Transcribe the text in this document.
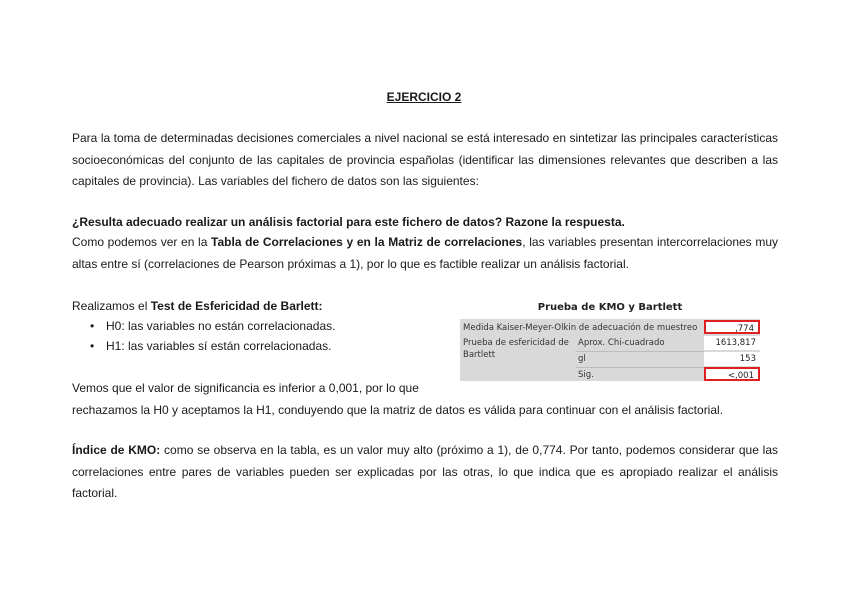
EJERCICIO 2
Para la toma de determinadas decisiones comerciales a nivel nacional se está interesado en sintetizar las principales características socioeconómicas del conjunto de las capitales de provincia españolas (identificar las dimensiones relevantes que describen a las capitales de provincia). Las variables del fichero de datos son las siguientes:
¿Resulta adecuado realizar un análisis factorial para este fichero de datos? Razone la respuesta.
Como podemos ver en la Tabla de Correlaciones y en la Matriz de correlaciones, las variables presentan intercorrelaciones muy altas entre sí (correlaciones de Pearson próximas a 1), por lo que es factible realizar un análisis factorial.
Realizamos el Test de Esfericidad de Barlett:
• H0: las variables no están correlacionadas.
• H1: las variables sí están correlacionadas.
Vemos que el valor de significancia es inferior a 0,001, por lo que
rechazamos la H0 y aceptamos la H1, conduyendo que la matriz de datos es válida para continuar con el análisis factorial.
Índice de KMO: como se observa en la tabla, es un valor muy alto (próximo a 1), de 0,774. Por tanto, podemos considerar que las correlaciones entre pares de variables pueden ser explicadas por las otras, lo que indica que es apropiado realizar el análisis factorial.
Prueba de KMO y Bartlett
Medida Kaiser-Meyer-Olkin de adecuación de muestreo	,774
Prueba de esfericidad de Bartlett
Aprox. Chi-cuadrado	1613,817
gl	153
Sig.	<,001
